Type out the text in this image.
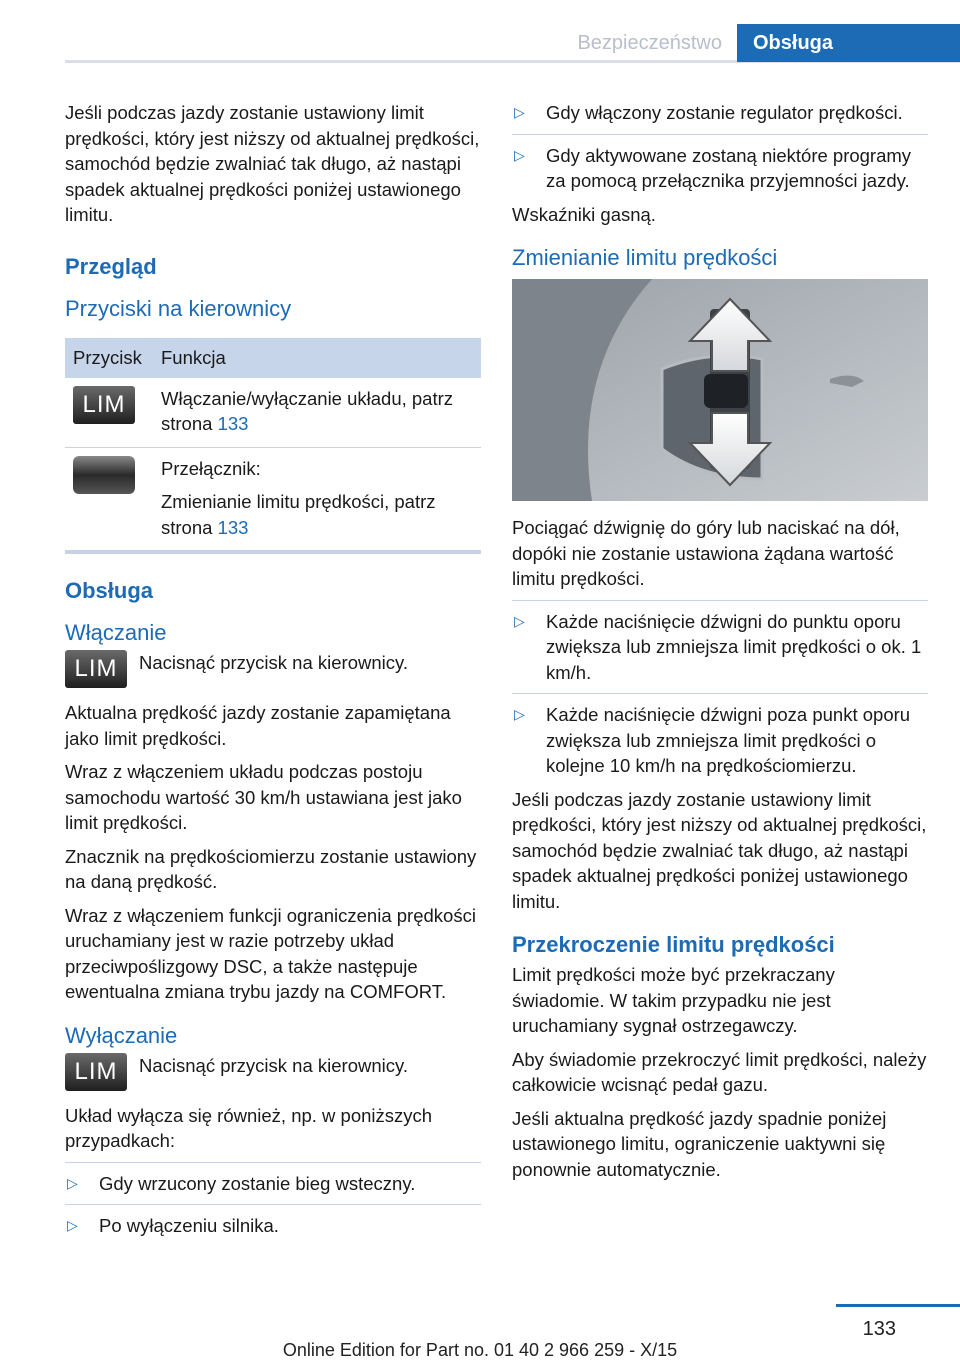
Bezpieczeństwo	Obsługa

Jeśli podczas jazdy zostanie ustawiony limit prędkości, który jest niższy od aktualnej prędkości, samochód będzie zwalniać tak długo, aż nastąpi spadek aktualnej prędkości poniżej ustawionego limitu.

Przegląd
Przyciski na kierownicy
Przycisk	Funkcja
LIM	Włączanie/wyłączanie układu, patrz strona 133

	Przełącznik:

Zmienianie limitu prędkości, patrz strona 133
Obsługa
Włączanie
LIM	Nacisnąć przycisk na kierownicy.

Aktualna prędkość jazdy zostanie zapamiętana jako limit prędkości.

Wraz z włączeniem układu podczas postoju samochodu wartość 30 km/h ustawiana jest jako limit prędkości.

Znacznik na prędkościomierzu zostanie ustawiony na daną prędkość.

Wraz z włączeniem funkcji ograniczenia prędkości uruchamiany jest w razie potrzeby układ przeciwpoślizgowy DSC, a także następuje ewentualna zmiana trybu jazdy na COMFORT.

Wyłączanie
LIM	Nacisnąć przycisk na kierownicy.

Układ wyłącza się również, np. w poniższych przypadkach:

▷ Gdy wrzucony zostanie bieg wsteczny.
▷ Po wyłączeniu silnika.
▷ Gdy włączony zostanie regulator prędkości.
▷ Gdy aktywowane zostaną niektóre programy za pomocą przełącznika przyjemności jazdy.

Wskaźniki gasną.

Zmienianie limitu prędkości

Pociągać dźwignię do góry lub naciskać na dół, dopóki nie zostanie ustawiona żądana wartość limitu prędkości.

▷ Każde naciśnięcie dźwigni do punktu oporu zwiększa lub zmniejsza limit prędkości o ok. 1 km/h.
▷ Każde naciśnięcie dźwigni poza punkt oporu zwiększa lub zmniejsza limit prędkości o kolejne 10 km/h na prędkościomierzu.

Jeśli podczas jazdy zostanie ustawiony limit prędkości, który jest niższy od aktualnej prędkości, samochód będzie zwalniać tak długo, aż nastąpi spadek aktualnej prędkości poniżej ustawionego limitu.

Przekroczenie limitu prędkości

Limit prędkości może być przekraczany świadomie. W takim przypadku nie jest uruchamiany sygnał ostrzegawczy.

Aby świadomie przekroczyć limit prędkości, należy całkowicie wcisnąć pedał gazu.

Jeśli aktualna prędkość jazdy spadnie poniżej ustawionego limitu, ograniczenie uaktywni się ponownie automatycznie.

133
Online Edition for Part no. 01 40 2 966 259 - X/15
